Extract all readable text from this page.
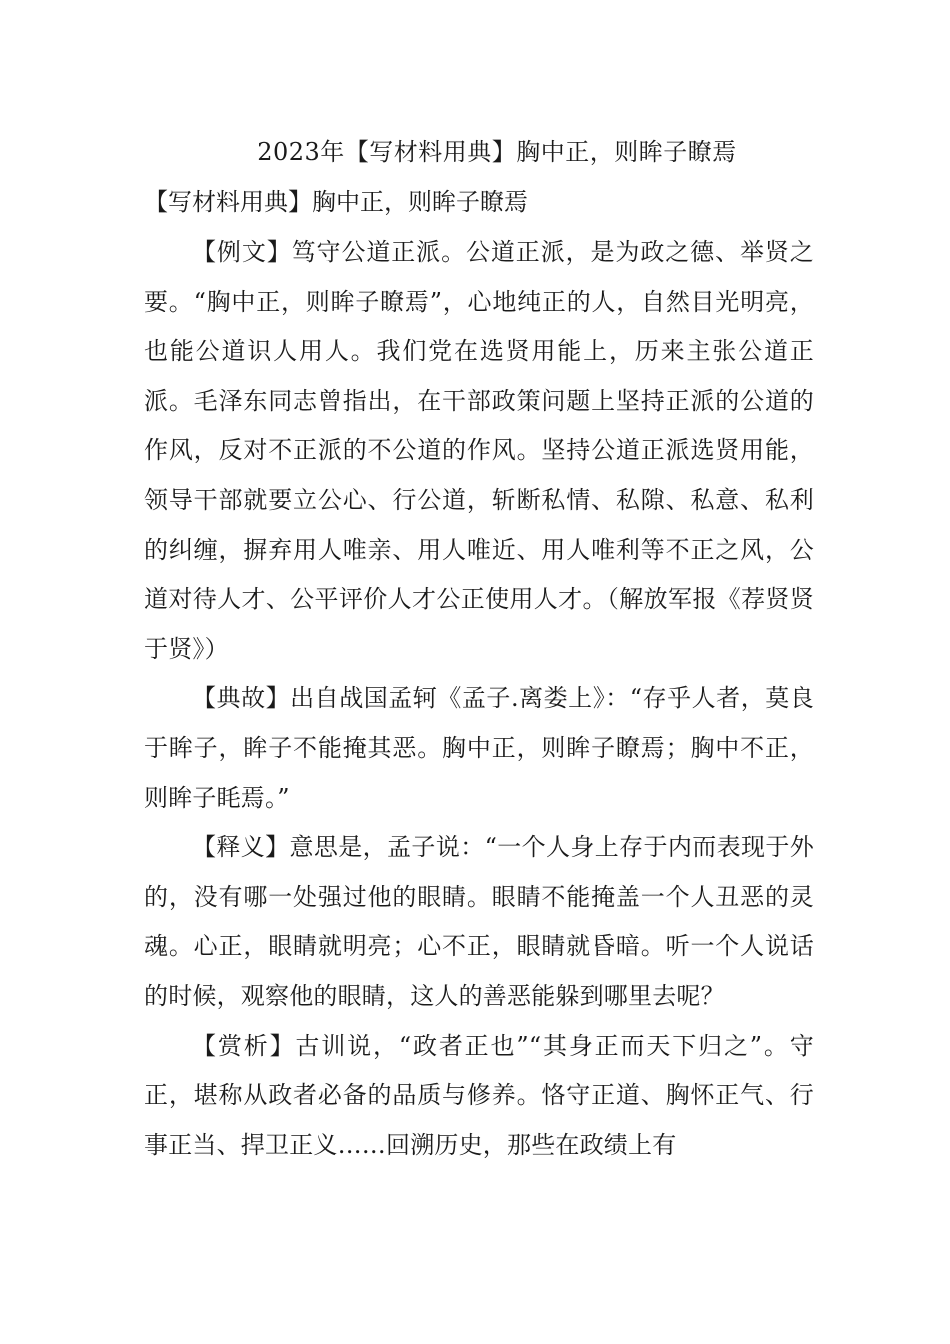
2023年【写材料用典】胸中正，则眸子瞭焉
【写材料用典】胸中正，则眸子瞭焉

【例文】笃守公道正派。公道正派，是为政之德、举贤之要。“胸中正，则眸子瞭焉”，心地纯正的人，自然目光明亮，也能公道识人用人。我们党在选贤用能上，历来主张公道正派。毛泽东同志曾指出，在干部政策问题上坚持正派的公道的作风，反对不正派的不公道的作风。坚持公道正派选贤用能，领导干部就要立公心、行公道，斩断私情、私隙、私意、私利的纠缠，摒弃用人唯亲、用人唯近、用人唯利等不正之风，公道对待人才、公平评价人才公正使用人才。（解放军报《荐贤贤于贤》）

【典故】出自战国孟轲《孟子.离娄上》：“存乎人者，莫良于眸子，眸子不能掩其恶。胸中正，则眸子瞭焉；胸中不正，则眸子眊焉。”

【释义】意思是，孟子说：“一个人身上存于内而表现于外的，没有哪一处强过他的眼睛。眼睛不能掩盖一个人丑恶的灵魂。心正，眼睛就明亮；心不正，眼睛就昏暗。听一个人说话的时候，观察他的眼睛，这人的善恶能躲到哪里去呢？

【赏析】古训说，“政者正也”“其身正而天下归之”。守正，堪称从政者必备的品质与修养。恪守正道、胸怀正气、行事正当、捍卫正义……回溯历史，那些在政绩上有
